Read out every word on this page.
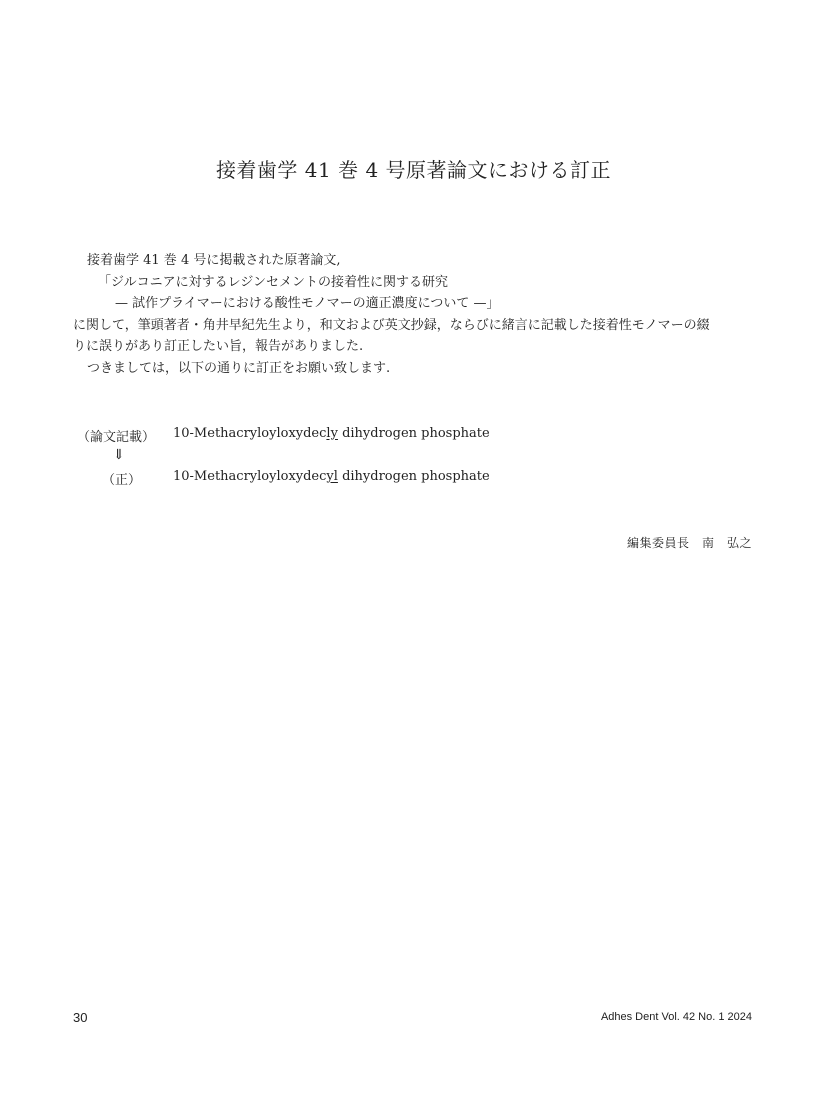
接着歯学 41 巻 4 号原著論文における訂正
接着歯学 41 巻 4 号に掲載された原著論文,
「ジルコニアに対するレジンセメントの接着性に関する研究
— 試作プライマーにおける酸性モノマーの適正濃度について —」
に関して，筆頭著者・角井早紀先生より，和文および英文抄録，ならびに緒言に記載した接着性モノマーの綴
りに誤りがあり訂正したい旨，報告がありました.
つきましては，以下の通りに訂正をお願い致します.
（論文記載） 10-Methacryloyloxydecly dihydrogen phosphate
⇓
（正） 10-Methacryloyloxydecyl dihydrogen phosphate
編集委員長　南　弘之
30	Adhes Dent Vol. 42 No. 1 2024
